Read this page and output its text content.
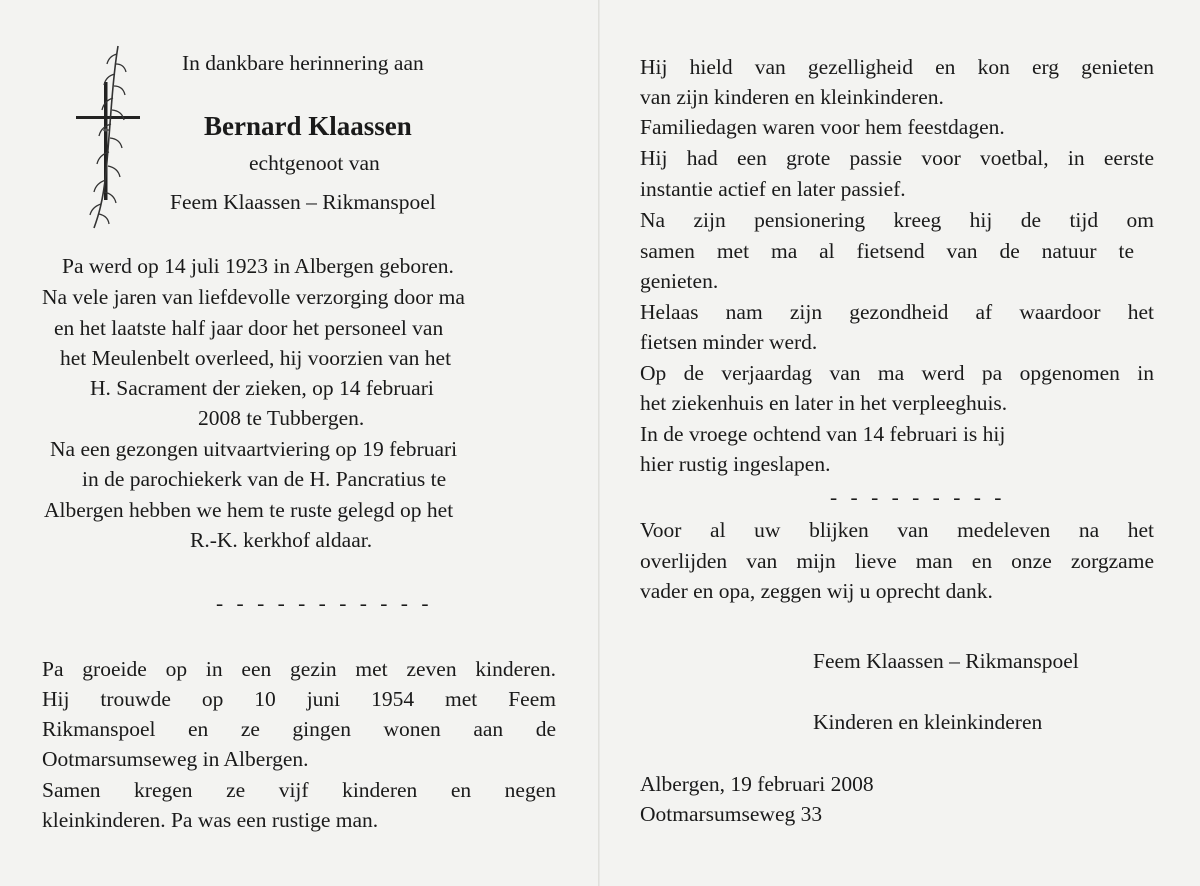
In dankbare herinnering aan
Bernard Klaassen
echtgenoot van
Feem Klaassen – Rikmanspoel
Pa werd op 14 juli 1923 in Albergen geboren.
Na vele jaren van liefdevolle verzorging door ma
en het laatste half jaar door het personeel van
het Meulenbelt overleed, hij voorzien van het
H. Sacrament der zieken, op 14 februari
2008 te Tubbergen.
Na een gezongen uitvaartviering op 19 februari
in de parochiekerk van de H. Pancratius te
Albergen hebben we hem te ruste gelegd op het
R.-K. kerkhof aldaar.
- - - - - - - - - - -
Pa groeide op in een gezin met zeven kinderen.
Hij trouwde op 10 juni 1954 met Feem
Rikmanspoel en ze gingen wonen aan de
Ootmarsumseweg in Albergen.
Samen kregen ze vijf kinderen en negen
kleinkinderen. Pa was een rustige man.
Hij hield van gezelligheid en kon erg genieten
van zijn kinderen en kleinkinderen.
Familiedagen waren voor hem feestdagen.
Hij had een grote passie voor voetbal, in eerste
instantie actief en later passief.
Na zijn pensionering kreeg hij de tijd om
samen met ma al fietsend van de natuur te
genieten.
Helaas nam zijn gezondheid af waardoor het
fietsen minder werd.
Op de verjaardag van ma werd pa opgenomen in
het ziekenhuis en later in het verpleeghuis.
In de vroege ochtend van 14 februari is hij
hier rustig ingeslapen.
- - - - - - - - -
Voor al uw blijken van medeleven na het
overlijden van mijn lieve man en onze zorgzame
vader en opa, zeggen wij u oprecht dank.
Feem Klaassen – Rikmanspoel
Kinderen en kleinkinderen
Albergen, 19 februari 2008
Ootmarsumseweg 33
